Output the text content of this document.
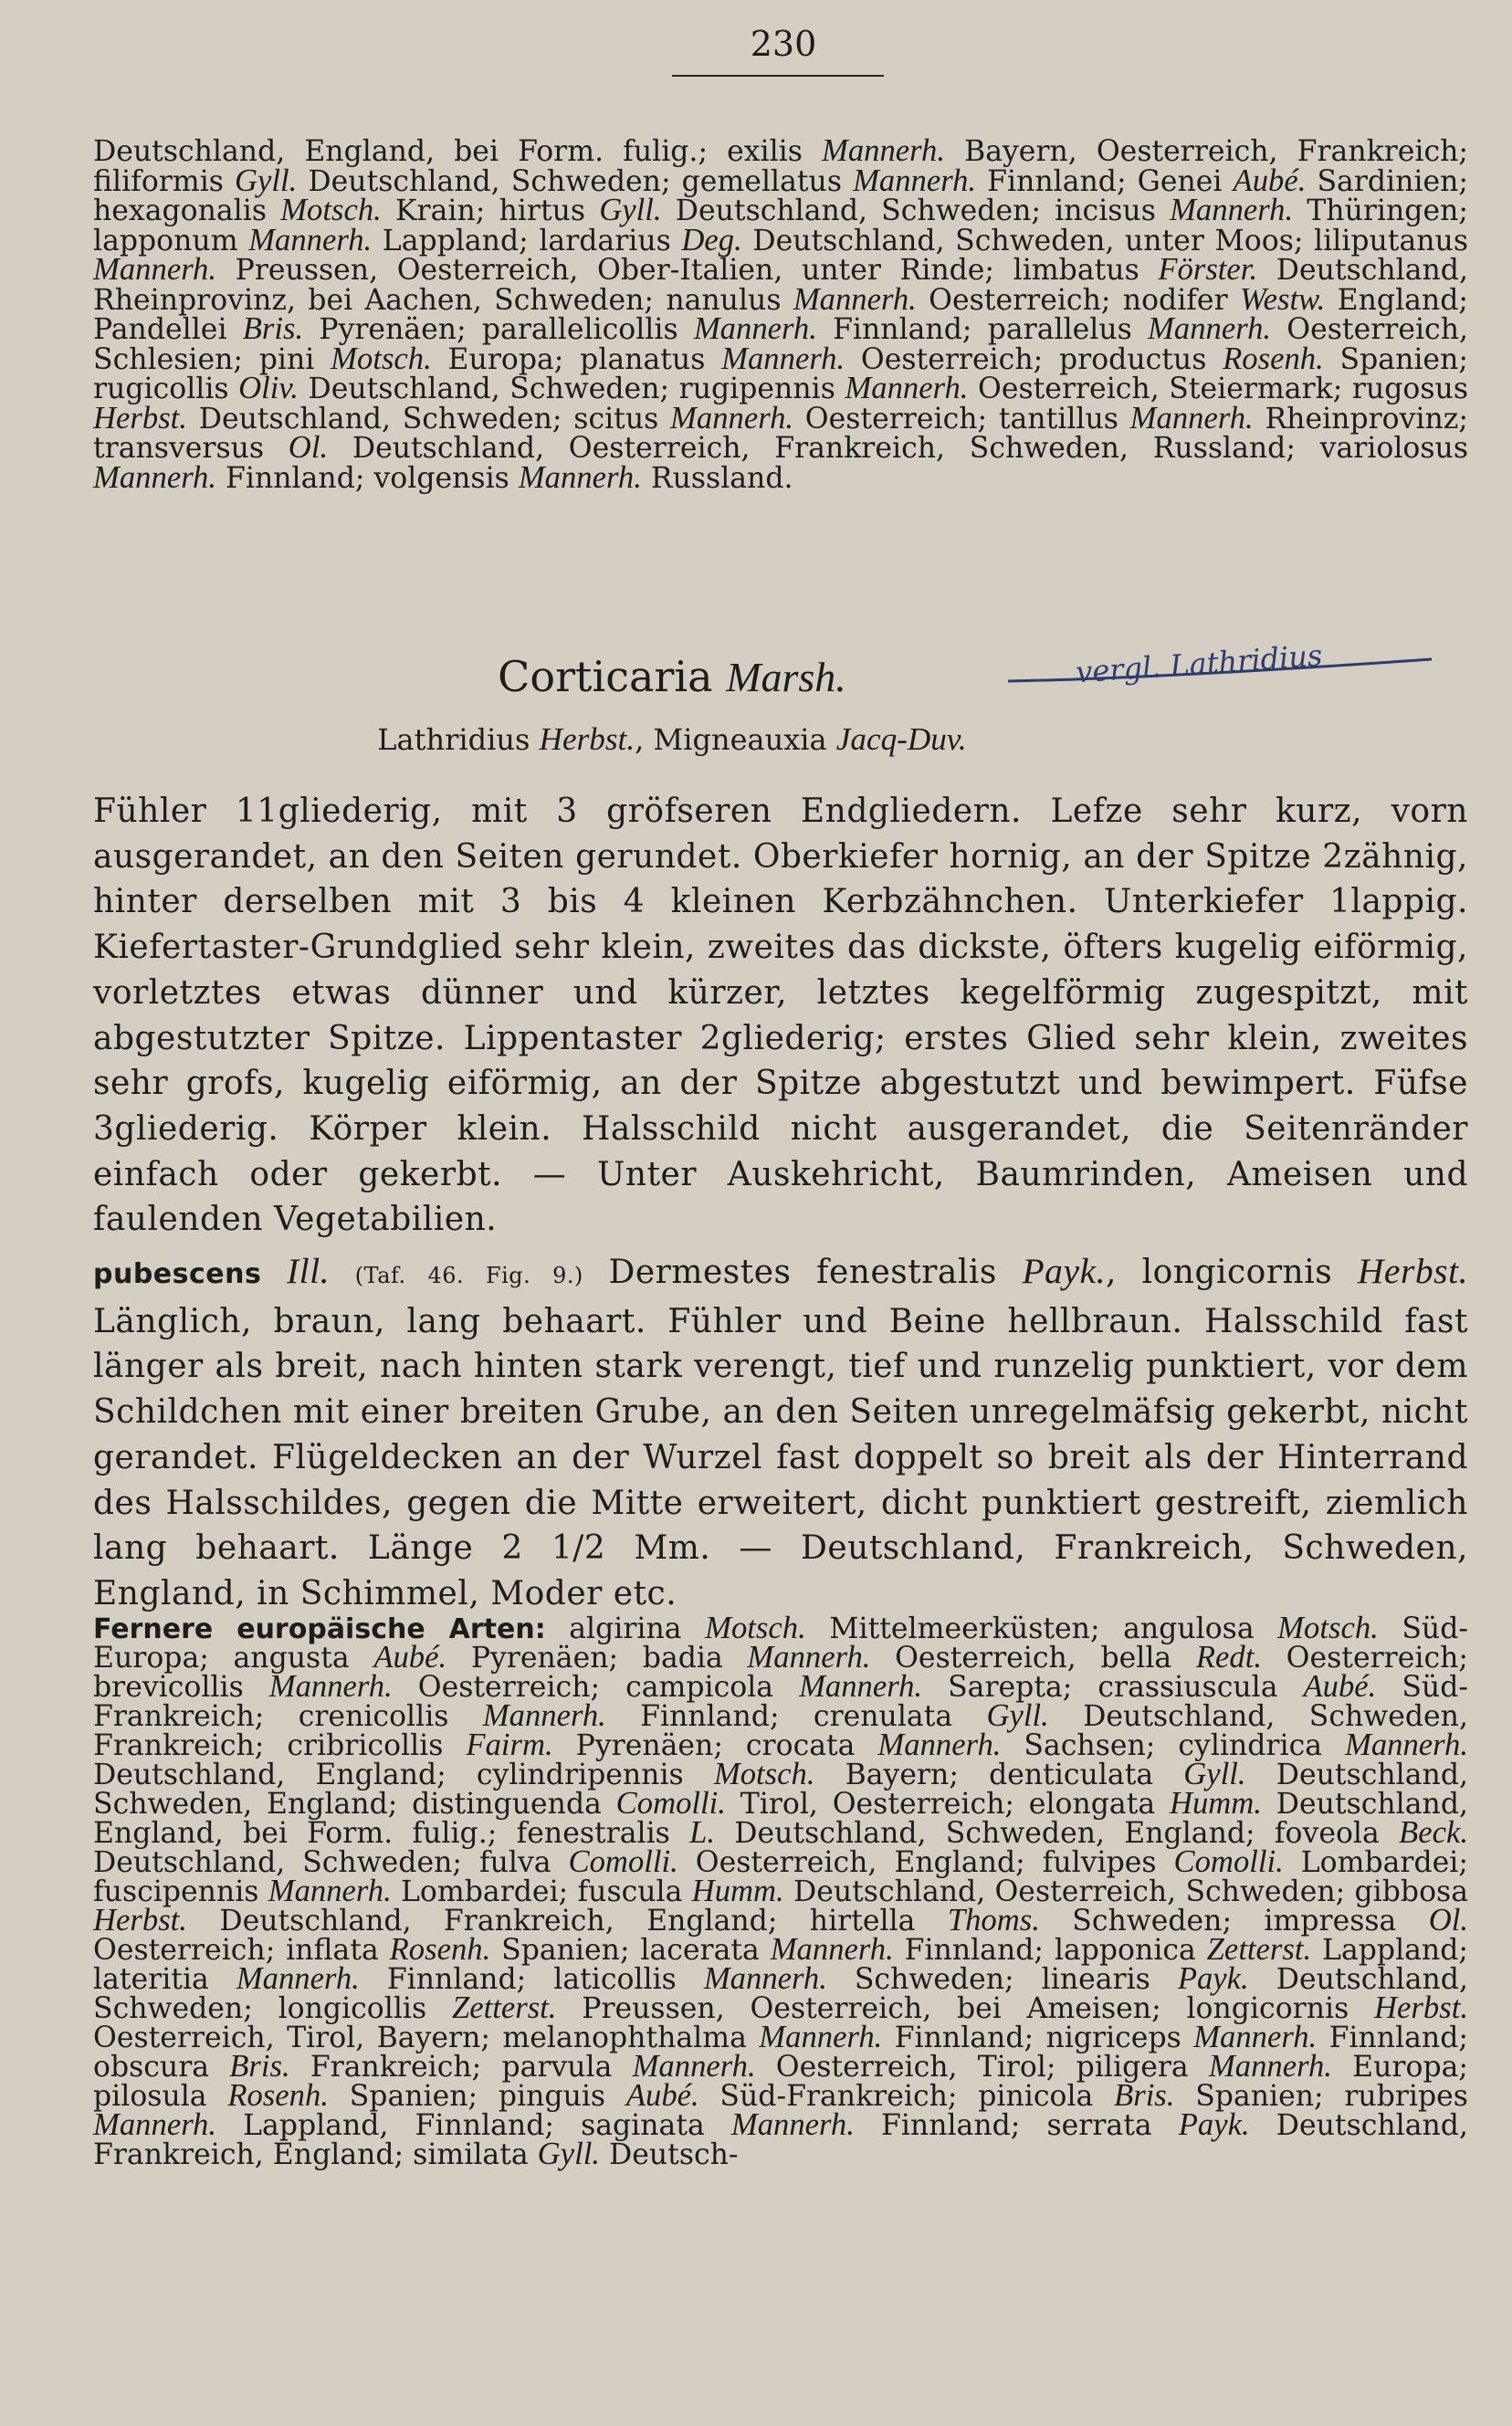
230
Deutschland, England, bei Form. fulig.; exilis Mannerh. Bayern, Oesterreich, Frankreich; filiformis Gyll. Deutschland, Schweden; gemellatus Mannerh. Finnland; Genei Aubé. Sardinien; hexagonalis Motsch. Krain; hirtus Gyll. Deutschland, Schweden; incisus Mannerh. Thüringen; lapponum Mannerh. Lappland; lardarius Deg. Deutschland, Schweden, unter Moos; liliputanus Mannerh. Preussen, Oesterreich, Ober-Italien, unter Rinde; limbatus Förster. Deutschland, Rheinprovinz, bei Aachen, Schweden; nanulus Mannerh. Oesterreich; nodifer Westw. England; Pandellei Bris. Pyrenäen; parallelicollis Mannerh. Finnland; parallelus Mannerh. Oesterreich, Schlesien; pini Motsch. Europa; planatus Mannerh. Oesterreich; productus Rosenh. Spanien; rugicollis Oliv. Deutschland, Schweden; rugipennis Mannerh. Oesterreich, Steiermark; rugosus Herbst. Deutschland, Schweden; scitus Mannerh. Oesterreich; tantillus Mannerh. Rheinprovinz; transversus Ol. Deutschland, Oesterreich, Frankreich, Schweden, Russland; variolosus Mannerh. Finnland; volgensis Mannerh. Russland.
Corticaria Marsh.	vergl. Lathridius
Lathridius Herbst., Migneauxia Jacq-Duv.
Fühler 11gliederig, mit 3 gröfseren Endgliedern. Lefze sehr kurz, vorn ausgerandet, an den Seiten gerundet. Oberkiefer hornig, an der Spitze 2zähnig, hinter derselben mit 3 bis 4 kleinen Kerbzähnchen. Unterkiefer 1lappig. Kiefertaster-Grundglied sehr klein, zweites das dickste, öfters kugelig eiförmig, vorletztes etwas dünner und kürzer, letztes kegelförmig zugespitzt, mit abgestutzter Spitze. Lippentaster 2gliederig; erstes Glied sehr klein, zweites sehr grofs, kugelig eiförmig, an der Spitze abgestutzt und bewimpert. Füfse 3gliederig. Körper klein. Halsschild nicht ausgerandet, die Seitenränder einfach oder gekerbt. — Unter Auskehricht, Baumrinden, Ameisen und faulenden Vegetabilien.
pubescens Ill. (Taf. 46. Fig. 9.) Dermestes fenestralis Payk., longicornis Herbst. Länglich, braun, lang behaart. Fühler und Beine hellbraun. Halsschild fast länger als breit, nach hinten stark verengt, tief und runzelig punktiert, vor dem Schildchen mit einer breiten Grube, an den Seiten unregelmäfsig gekerbt, nicht gerandet. Flügeldecken an der Wurzel fast doppelt so breit als der Hinterrand des Halsschildes, gegen die Mitte erweitert, dicht punktiert gestreift, ziemlich lang behaart. Länge 2 1/2 Mm. — Deutschland, Frankreich, Schweden, England, in Schimmel, Moder etc.
Fernere europäische Arten: algirina Motsch. Mittelmeerküsten; angulosa Motsch. Süd-Europa; angusta Aubé. Pyrenäen; badia Mannerh. Oesterreich, bella Redt. Oesterreich; brevicollis Mannerh. Oesterreich; campicola Mannerh. Sarepta; crassiuscula Aubé. Süd-Frankreich; crenicollis Mannerh. Finnland; crenulata Gyll. Deutschland, Schweden, Frankreich; cribricollis Fairm. Pyrenäen; crocata Mannerh. Sachsen; cylindrica Mannerh. Deutschland, England; cylindripennis Motsch. Bayern; denticulata Gyll. Deutschland, Schweden, England; distinguenda Comolli. Tirol, Oesterreich; elongata Humm. Deutschland, England, bei Form. fulig.; fenestralis L. Deutschland, Schweden, England; foveola Beck. Deutschland, Schweden; fulva Comolli. Oesterreich, England; fulvipes Comolli. Lombardei; fuscipennis Mannerh. Lombardei; fuscula Humm. Deutschland, Oesterreich, Schweden; gibbosa Herbst. Deutschland, Frankreich, England; hirtella Thoms. Schweden; impressa Ol. Oesterreich; inflata Rosenh. Spanien; lacerata Mannerh. Finnland; lapponica Zetterst. Lappland; lateritia Mannerh. Finnland; laticollis Mannerh. Schweden; linearis Payk. Deutschland, Schweden; longicollis Zetterst. Preussen, Oesterreich, bei Ameisen; longicornis Herbst. Oesterreich, Tirol, Bayern; melanophthalma Mannerh. Finnland; nigriceps Mannerh. Finnland; obscura Bris. Frankreich; parvula Mannerh. Oesterreich, Tirol; piligera Mannerh. Europa; pilosula Rosenh. Spanien; pinguis Aubé. Süd-Frankreich; pinicola Bris. Spanien; rubripes Mannerh. Lappland, Finnland; saginata Mannerh. Finnland; serrata Payk. Deutschland, Frankreich, England; similata Gyll. Deutsch-
